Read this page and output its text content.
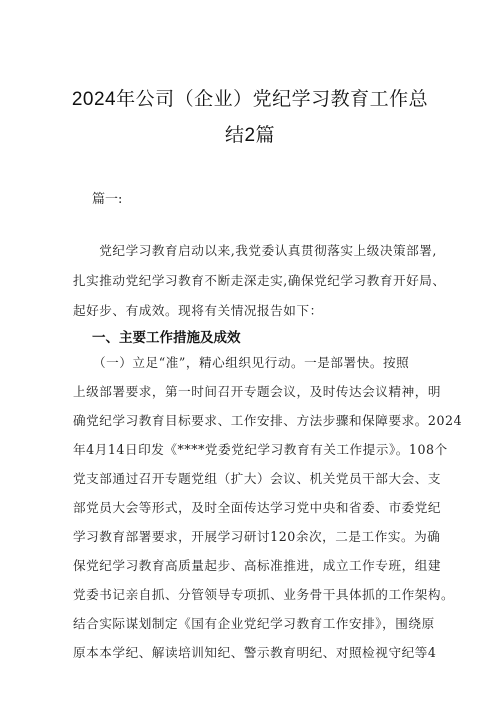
2024年公司（企业）党纪学习教育工作总
结2篇
篇一:
　　党纪学习教育启动以来,我党委认真贯彻落实上级决策部署,
扎实推动党纪学习教育不断走深走实,确保党纪学习教育开好局、
起好步、有成效。现将有关情况报告如下：
一、主要工作措施及成效
　　（一）立足“准”，精心组织见行动。一是部署快。按照
上级部署要求，第一时间召开专题会议，及时传达会议精神，明
确党纪学习教育目标要求、工作安排、方法步骤和保障要求。2024
年4月14日印发《****党委党纪学习教育有关工作提示》。108个
党支部通过召开专题党组（扩大）会议、机关党员干部大会、支
部党员大会等形式，及时全面传达学习党中央和省委、市委党纪
学习教育部署要求，开展学习研讨120余次，二是工作实。为确
保党纪学习教育高质量起步、高标准推进，成立工作专班，组建
党委书记亲自抓、分管领导专项抓、业务骨干具体抓的工作架构。
结合实际谋划制定《国有企业党纪学习教育工作安排》，围绕原
原本本学纪、解读培训知纪、警示教育明纪、对照检视守纪等4
